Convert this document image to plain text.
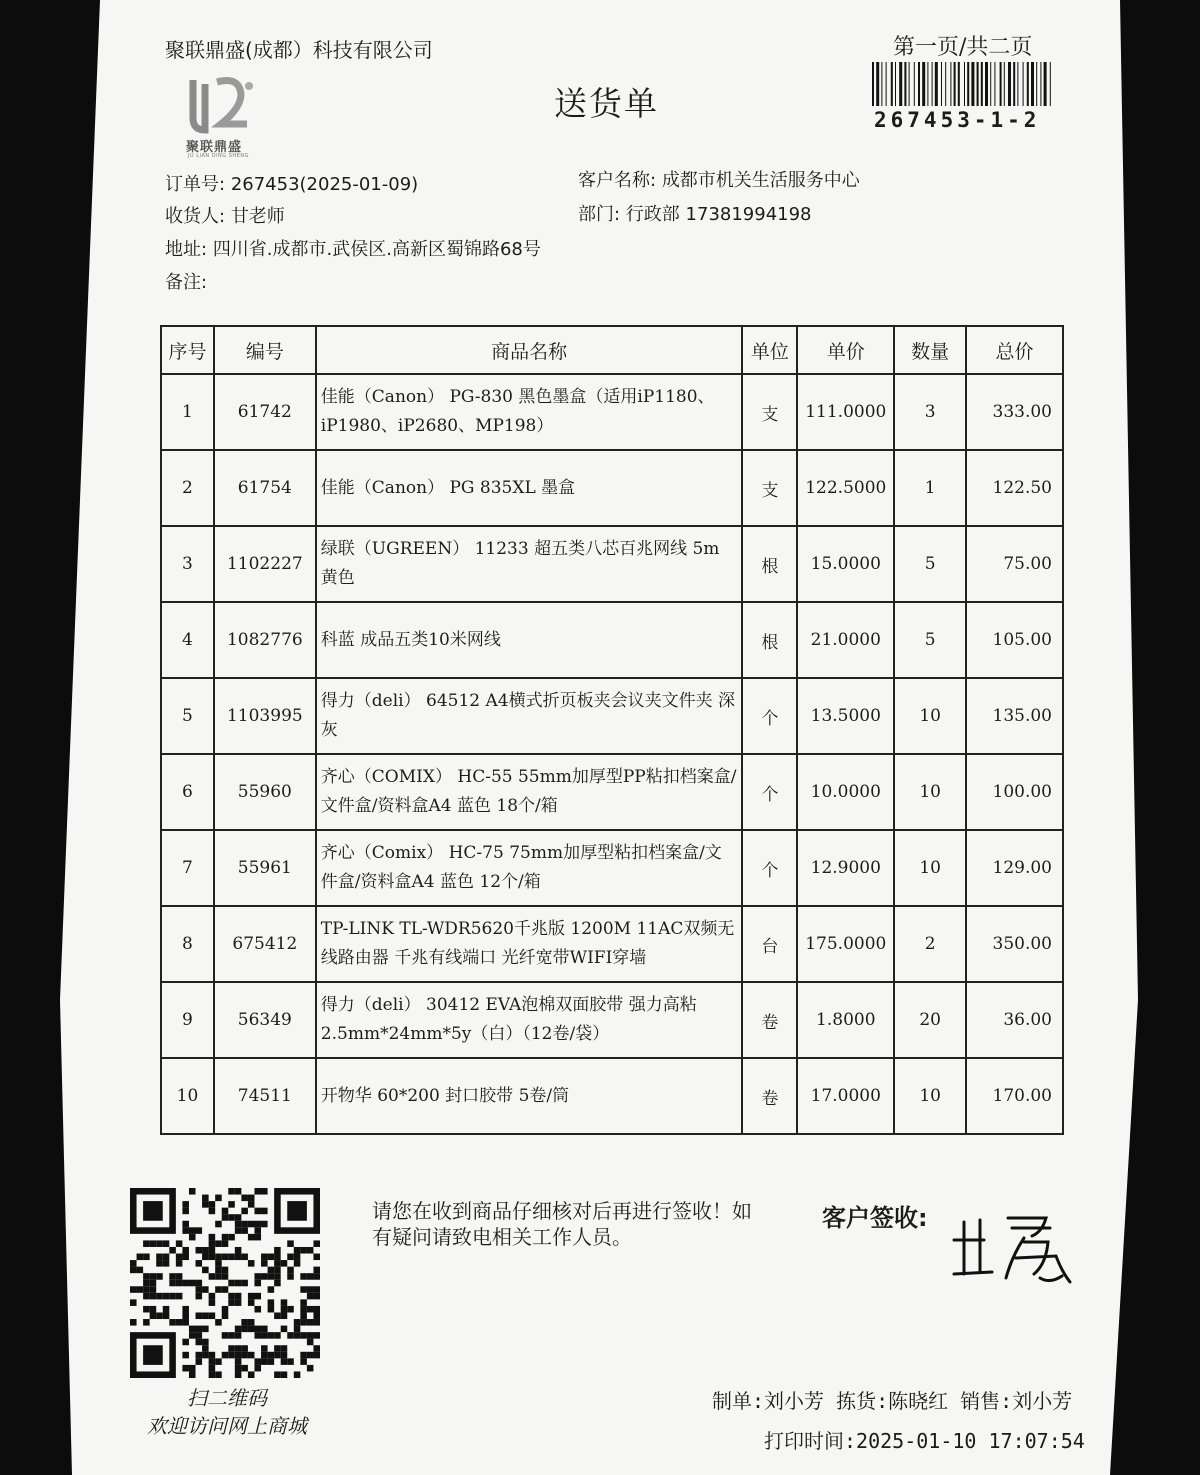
聚联鼎盛(成都）科技有限公司	第一页/共二页
送货单
聚联鼎盛
JU LIAN DING SHENG
267453-1-2
订单号: 267453(2025-01-09)
收货人: 甘老师
地址: 四川省.成都市.武侯区.高新区蜀锦路68号
备注:
客户名称: 成都市机关生活服务中心
部门: 行政部 17381994198
序号	编号	商品名称	单位	单价	数量	总价
1	61742	佳能（Canon） PG-830 黑色墨盒（适用iP1180、iP1980、iP2680、MP198）	支	111.0000	3	333.00
2	61754	佳能（Canon） PG 835XL 墨盒	支	122.5000	1	122.50
3	1102227	绿联（UGREEN） 11233 超五类八芯百兆网线 5m 黄色	根	15.0000	5	75.00
4	1082776	科蓝 成品五类10米网线	根	21.0000	5	105.00
5	1103995	得力（deli） 64512 A4横式折页板夹会议夹文件夹 深灰	个	13.5000	10	135.00
6	55960	齐心（COMIX） HC-55 55mm加厚型PP粘扣档案盒/文件盒/资料盒A4 蓝色 18个/箱	个	10.0000	10	100.00
7	55961	齐心（Comix） HC-75 75mm加厚型粘扣档案盒/文件盒/资料盒A4 蓝色 12个/箱	个	12.9000	10	129.00
8	675412	TP-LINK TL-WDR5620千兆版 1200M 11AC双频无线路由器 千兆有线端口 光纤宽带WIFI穿墙	台	175.0000	2	350.00
9	56349	得力（deli） 30412 EVA泡棉双面胶带 强力高粘 2.5mm*24mm*5y（白）（12卷/袋）	卷	1.8000	20	36.00
10	74511	开物华 60*200 封口胶带 5卷/筒	卷	17.0000	10	170.00
扫二维码
欢迎访问网上商城
请您在收到商品仔细核对后再进行签收！如有疑问请致电相关工作人员。
客户签收:
制单:刘小芳 拣货:陈晓红 销售:刘小芳
打印时间:2025-01-10 17:07:54
